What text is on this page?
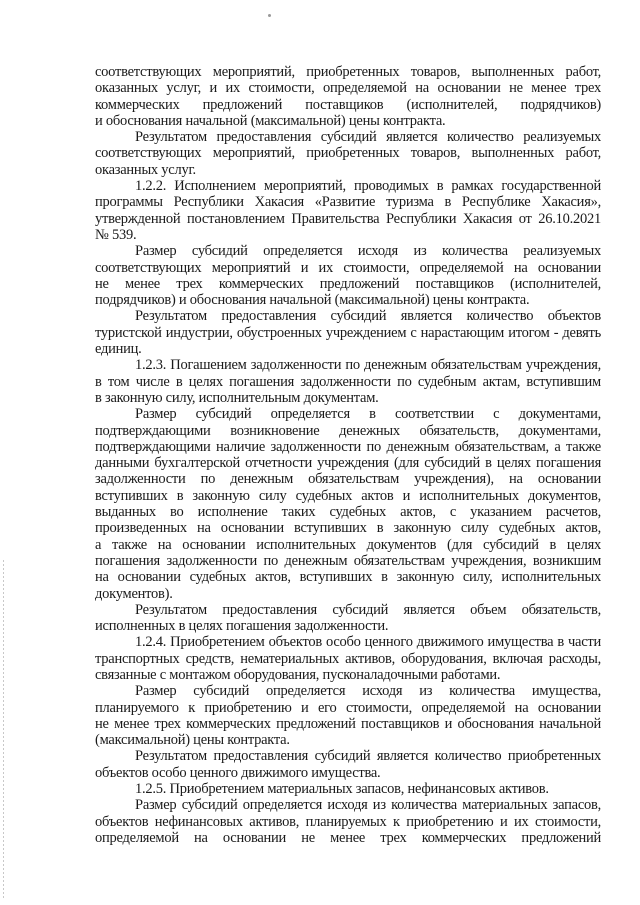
соответствующих мероприятий, приобретенных товаров, выполненных работ,
оказанных услуг, и их стоимости, определяемой на основании не менее трех
коммерческих предложений поставщиков (исполнителей, подрядчиков)
и обоснования начальной (максимальной) цены контракта.
Результатом предоставления субсидий является количество реализуемых
соответствующих мероприятий, приобретенных товаров, выполненных работ,
оказанных услуг.
1.2.2. Исполнением мероприятий, проводимых в рамках государственной
программы Республики Хакасия «Развитие туризма в Республике Хакасия»,
утвержденной постановлением Правительства Республики Хакасия от 26.10.2021
№ 539.
Размер субсидий определяется исходя из количества реализуемых
соответствующих мероприятий и их стоимости, определяемой на основании
не менее трех коммерческих предложений поставщиков (исполнителей,
подрядчиков) и обоснования начальной (максимальной) цены контракта.
Результатом предоставления субсидий является количество объектов
туристской индустрии, обустроенных учреждением с нарастающим итогом - девять
единиц.
1.2.3. Погашением задолженности по денежным обязательствам учреждения,
в том числе в целях погашения задолженности по судебным актам, вступившим
в законную силу, исполнительным документам.
Размер субсидий определяется в соответствии с документами,
подтверждающими возникновение денежных обязательств, документами,
подтверждающими наличие задолженности по денежным обязательствам, а также
данными бухгалтерской отчетности учреждения (для субсидий в целях погашения
задолженности по денежным обязательствам учреждения), на основании
вступивших в законную силу судебных актов и исполнительных документов,
выданных во исполнение таких судебных актов, с указанием расчетов,
произведенных на основании вступивших в законную силу судебных актов,
а также на основании исполнительных документов (для субсидий в целях
погашения задолженности по денежным обязательствам учреждения, возникшим
на основании судебных актов, вступивших в законную силу, исполнительных
документов).
Результатом предоставления субсидий является объем обязательств,
исполненных в целях погашения задолженности.
1.2.4. Приобретением объектов особо ценного движимого имущества в части
транспортных средств, нематериальных активов, оборудования, включая расходы,
связанные с монтажом оборудования, пусконаладочными работами.
Размер субсидий определяется исходя из количества имущества,
планируемого к приобретению и его стоимости, определяемой на основании
не менее трех коммерческих предложений поставщиков и обоснования начальной
(максимальной) цены контракта.
Результатом предоставления субсидий является количество приобретенных
объектов особо ценного движимого имущества.
1.2.5. Приобретением материальных запасов, нефинансовых активов.
Размер субсидий определяется исходя из количества материальных запасов,
объектов нефинансовых активов, планируемых к приобретению и их стоимости,
определяемой на основании не менее трех коммерческих предложений
